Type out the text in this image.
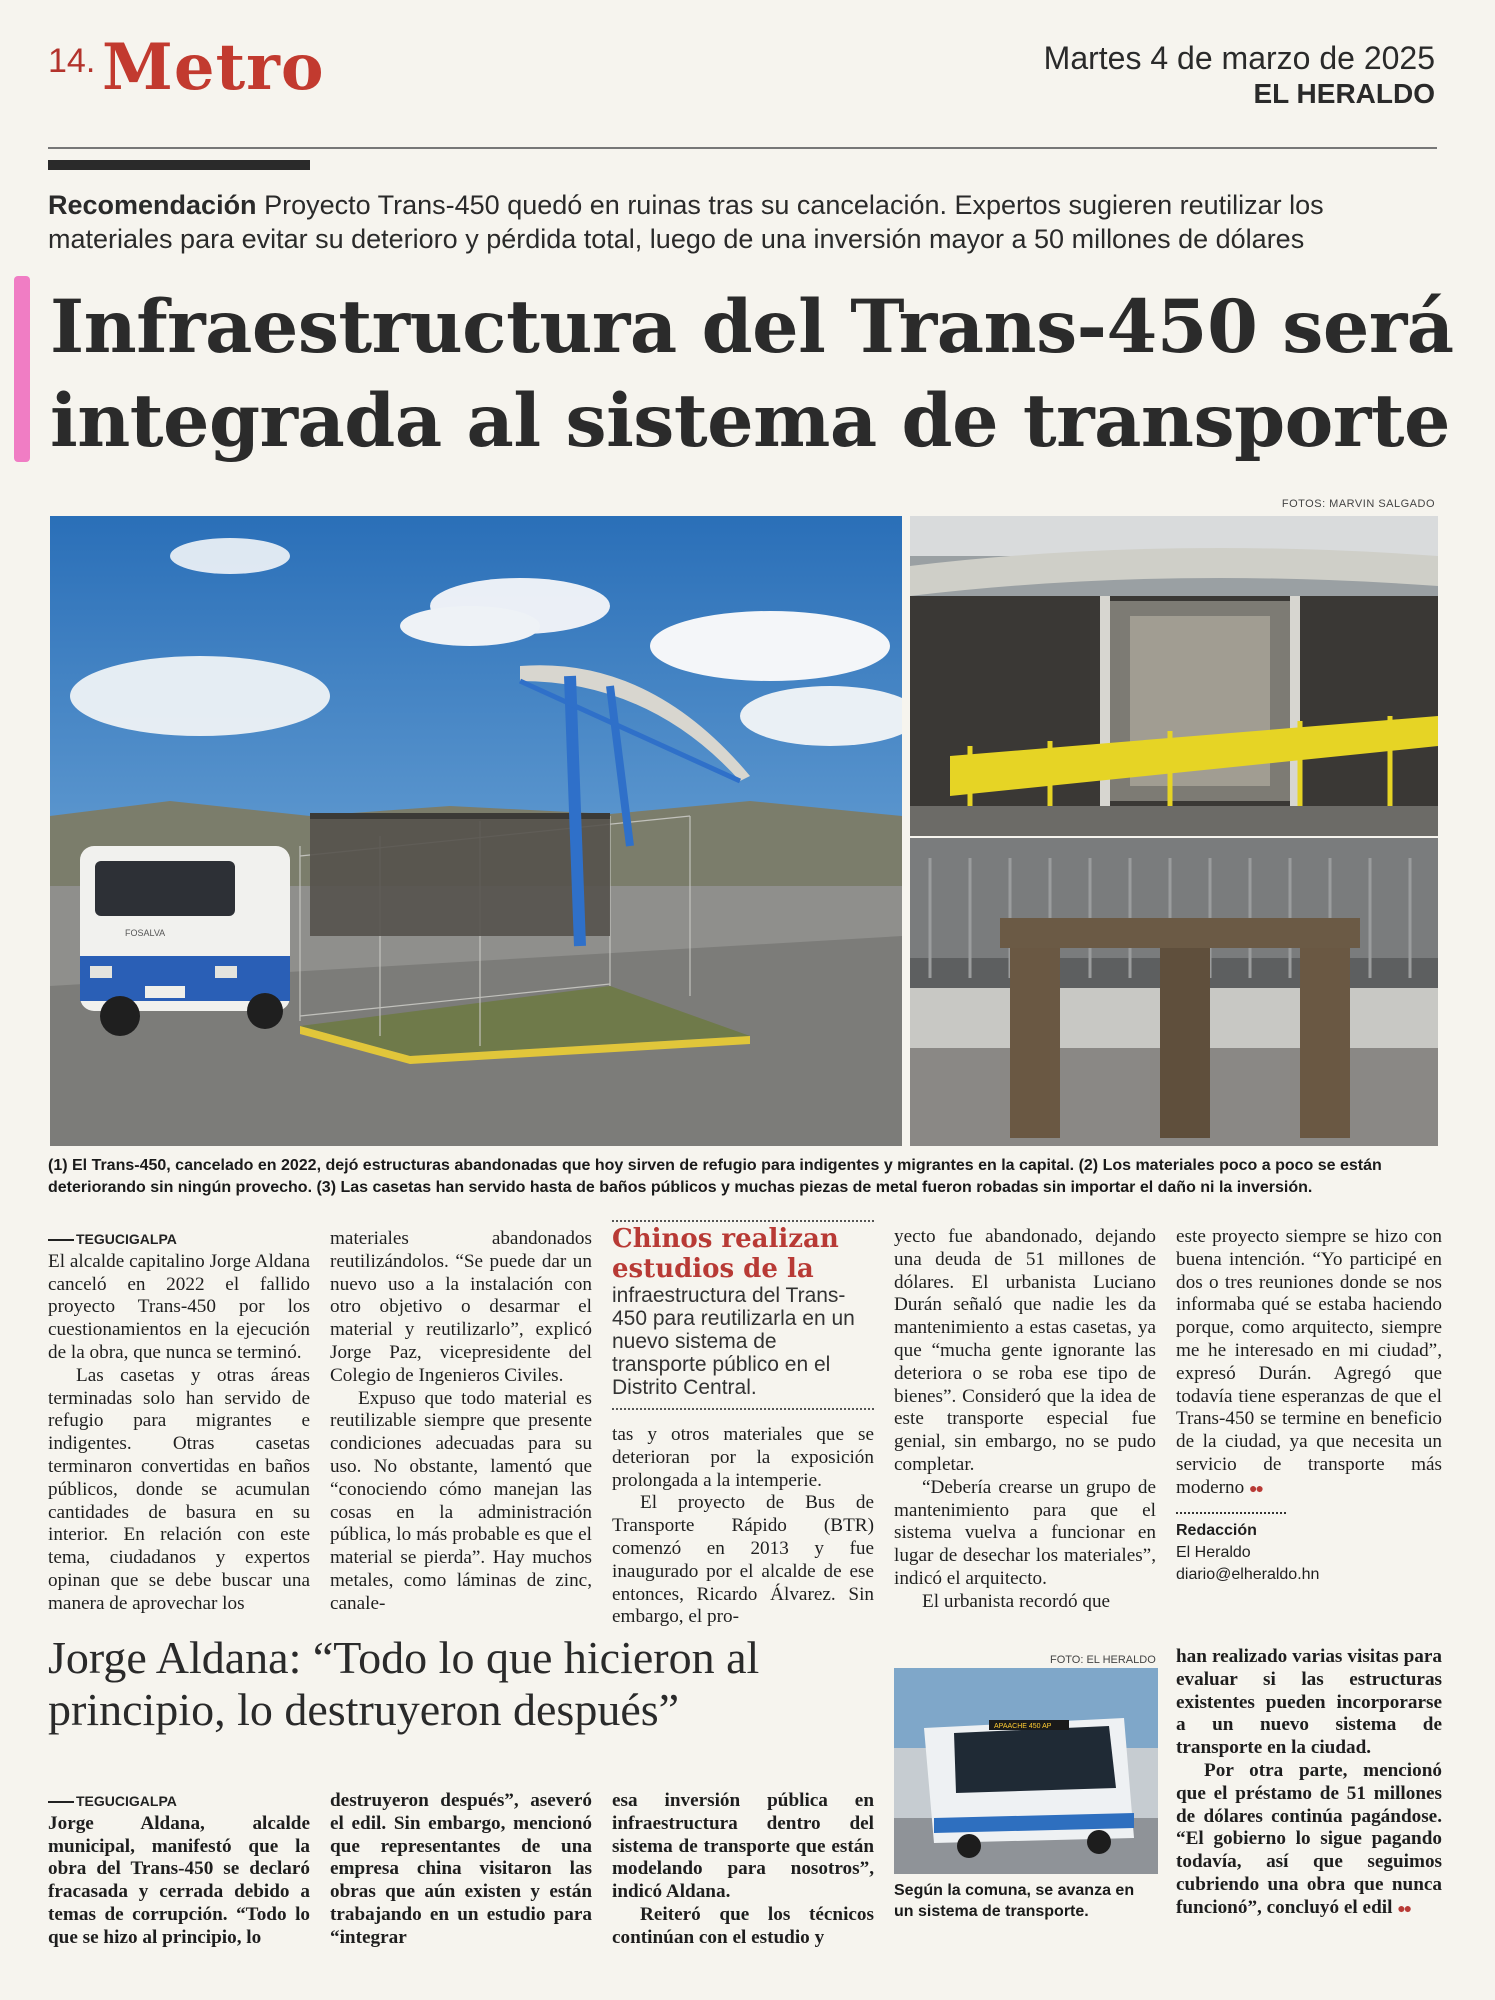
14. Metro	Martes 4 de marzo de 2025
EL HERALDO
Recomendación Proyecto Trans-450 quedó en ruinas tras su cancelación. Expertos sugieren reutilizar los materiales para evitar su deterioro y pérdida total, luego de una inversión mayor a 50 millones de dólares
Infraestructura del Trans-450 será
integrada al sistema de transporte
FOTOS: MARVIN SALGADO
FOSALVA
(1) El Trans-450, cancelado en 2022, dejó estructuras abandonadas que hoy sirven de refugio para indigentes y migrantes en la capital. (2) Los materiales poco a poco se están deteriorando sin ningún provecho. (3) Las casetas han servido hasta de baños públicos y muchas piezas de metal fueron robadas sin importar el daño ni la inversión.
TEGUCIGALPA

El alcalde capitalino Jorge Aldana canceló en 2022 el fallido proyecto Trans-450 por los cuestionamientos en la ejecución de la obra, que nunca se terminó.

Las casetas y otras áreas terminadas solo han servido de refugio para migrantes e indigentes. Otras casetas terminaron convertidas en baños públicos, donde se acumulan cantidades de basura en su interior. En relación con este tema, ciudadanos y expertos opinan que se debe buscar una manera de aprovechar los

materiales abandonados reutilizándolos. “Se puede dar un nuevo uso a la instalación con otro objetivo o desarmar el material y reutilizarlo”, explicó Jorge Paz, vicepresidente del Colegio de Ingenieros Civiles.

Expuso que todo material es reutilizable siempre que presente condiciones adecuadas para su uso. No obstante, lamentó que “conociendo cómo manejan las cosas en la administración pública, lo más probable es que el material se pierda”. Hay muchos metales, como láminas de zinc, canale-

Chinos realizan estudios de la
infraestructura del Trans-450 para reutilizarla en un nuevo sistema de transporte público en el Distrito Central.

tas y otros materiales que se deterioran por la exposición prolongada a la intemperie.

El proyecto de Bus de Transporte Rápido (BTR) comenzó en 2013 y fue inaugurado por el alcalde de ese entonces, Ricardo Álvarez. Sin embargo, el pro-

yecto fue abandonado, dejando una deuda de 51 millones de dólares. El urbanista Luciano Durán señaló que nadie les da mantenimiento a estas casetas, ya que “mucha gente ignorante las deteriora o se roba ese tipo de bienes”. Consideró que la idea de este transporte especial fue genial, sin embargo, no se pudo completar.

“Debería crearse un grupo de mantenimiento para que el sistema vuelva a funcionar en lugar de desechar los materiales”, indicó el arquitecto.

El urbanista recordó que

este proyecto siempre se hizo con buena intención. “Yo participé en dos o tres reuniones donde se nos informaba qué se estaba haciendo porque, como arquitecto, siempre me he interesado en mi ciudad”, expresó Durán. Agregó que todavía tiene esperanzas de que el Trans-450 se termine en beneficio de la ciudad, ya que necesita un servicio de transporte más moderno ●●

Redacción
El Heraldo
diario@elheraldo.hn
Jorge Aldana: “Todo lo que hicieron al
principio, lo destruyeron después”
TEGUCIGALPA

Jorge Aldana, alcalde municipal, manifestó que la obra del Trans-450 se declaró fracasada y cerrada debido a temas de corrupción. “Todo lo que se hizo al principio, lo

destruyeron después”, aseveró el edil. Sin embargo, mencionó que representantes de una empresa china visitaron las obras que aún existen y están trabajando en un estudio para “integrar

esa inversión pública en infraestructura dentro del sistema de transporte que están modelando para nosotros”, indicó Aldana.

Reiteró que los técnicos continúan con el estudio y

FOTO: EL HERALDO
APAACHE 450 AP
Según la comuna, se avanza en un sistema de transporte.

han realizado varias visitas para evaluar si las estructuras existentes pueden incorporarse a un nuevo sistema de transporte en la ciudad.

Por otra parte, mencionó que el préstamo de 51 millones de dólares continúa pagándose. “El gobierno lo sigue pagando todavía, así que seguimos cubriendo una obra que nunca funcionó”, concluyó el edil ●●
